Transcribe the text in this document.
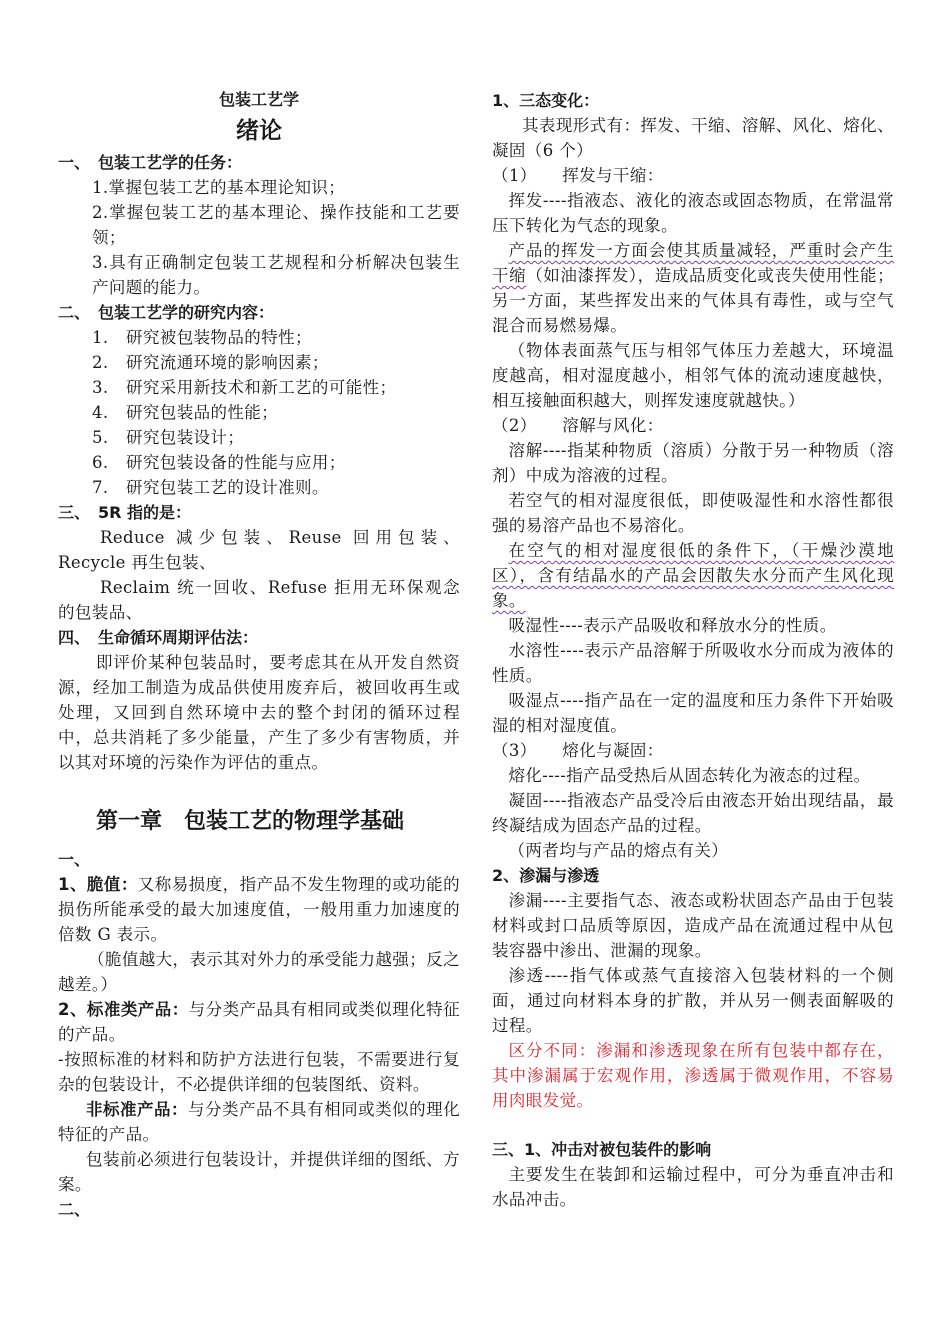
包装工艺学
绪论
一、　包装工艺学的任务：
1.掌握包装工艺的基本理论知识；
2.掌握包装工艺的基本理论、操作技能和工艺要领；
3.具有正确制定包装工艺规程和分析解决包装生产问题的能力。
二、　包装工艺学的研究内容：
1. 研究被包装物品的特性；
2. 研究流通环境的影响因素；
3. 研究采用新技术和新工艺的可能性；
4. 研究包装品的性能；
5. 研究包装设计；
6. 研究包装设备的性能与应用；
7. 研究包装工艺的设计准则。
三、　5R 指的是：
Reduce 减少包装、Reuse 回用包装、Recycle 再生包装、
Reclaim 统一回收、Refuse 拒用无环保观念的包装品、
四、　生命循环周期评估法：
即评价某种包装品时，要考虑其在从开发自然资源，经加工制造为成品供使用废弃后，被回收再生或处理，又回到自然环境中去的整个封闭的循环过程中，总共消耗了多少能量，产生了多少有害物质，并以其对环境的污染作为评估的重点。
第一章　包装工艺的物理学基础
一、
1、脆值：又称易损度，指产品不发生物理的或功能的损伤所能承受的最大加速度值，一般用重力加速度的倍数 G 表示。
（脆值越大，表示其对外力的承受能力越强；反之越差。）
2、标准类产品：与分类产品具有相同或类似理化特征的产品。
-按照标准的材料和防护方法进行包装，不需要进行复杂的包装设计，不必提供详细的包装图纸、资料。
非标准产品：与分类产品不具有相同或类似的理化特征的产品。
包装前必须进行包装设计，并提供详细的图纸、方案。
二、
1、三态变化：
其表现形式有：挥发、干缩、溶解、风化、熔化、凝固（6 个）
（1）　　挥发与干缩：
挥发----指液态、液化的液态或固态物质，在常温常压下转化为气态的现象。
产品的挥发一方面会使其质量减轻，严重时会产生干缩（如油漆挥发），造成品质变化或丧失使用性能；另一方面，某些挥发出来的气体具有毒性，或与空气混合而易燃易爆。
（物体表面蒸气压与相邻气体压力差越大，环境温度越高，相对湿度越小，相邻气体的流动速度越快，相互接触面积越大，则挥发速度就越快。）
（2）　　溶解与风化：
溶解----指某种物质（溶质）分散于另一种物质（溶剂）中成为溶液的过程。
若空气的相对湿度很低，即使吸湿性和水溶性都很强的易溶产品也不易溶化。
在空气的相对湿度很低的条件下，（干燥沙漠地区），含有结晶水的产品会因散失水分而产生风化现象。
吸湿性----表示产品吸收和释放水分的性质。
水溶性----表示产品溶解于所吸收水分而成为液体的性质。
吸湿点----指产品在一定的温度和压力条件下开始吸湿的相对湿度值。
（3）　　熔化与凝固：
熔化----指产品受热后从固态转化为液态的过程。
凝固----指液态产品受冷后由液态开始出现结晶，最终凝结成为固态产品的过程。
（两者均与产品的熔点有关）
2、渗漏与渗透
渗漏----主要指气态、液态或粉状固态产品由于包装材料或封口品质等原因，造成产品在流通过程中从包装容器中渗出、泄漏的现象。
渗透----指气体或蒸气直接溶入包装材料的一个侧面，通过向材料本身的扩散，并从另一侧表面解吸的过程。
区分不同：渗漏和渗透现象在所有包装中都存在，其中渗漏属于宏观作用，渗透属于微观作用，不容易用肉眼发觉。
三、1、冲击对被包装件的影响
主要发生在装卸和运输过程中，可分为垂直冲击和水品冲击。
